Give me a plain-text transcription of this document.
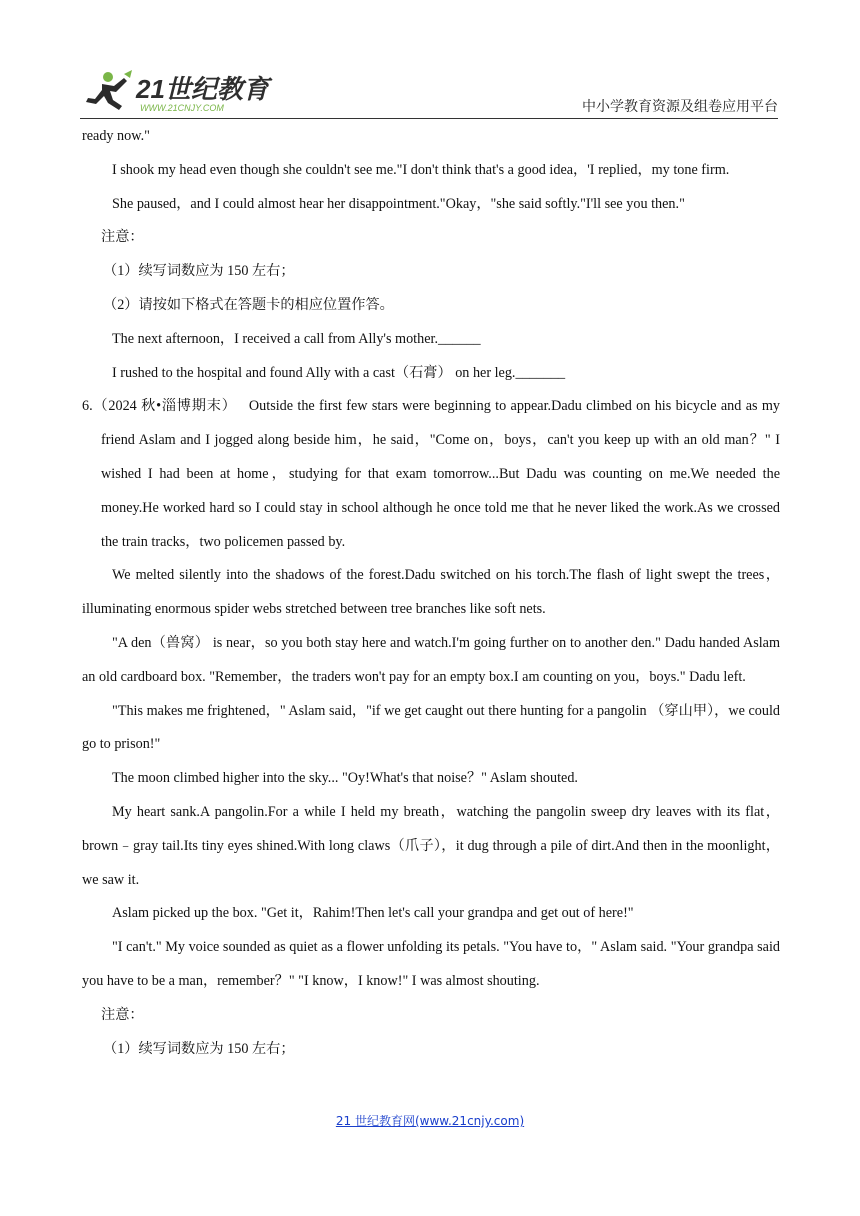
21世纪教育
WWW.21CNJY.COM	中小学教育资源及组卷应用平台

ready now."

I shook my head even though she couldn't see me."I don't think that's a good idea，'I replied，my tone firm.

She paused，and I could almost hear her disappointment."Okay，"she said softly."I'll see you then."

注意：

（1）续写词数应为 150 左右；

（2）请按如下格式在答题卡的相应位置作答。

The next afternoon，I received a call from Ally's mother.______

I rushed to the hospital and found Ally with a cast（石膏） on her leg._______

6.（2024 秋•淄博期末）　 Outside the first few stars were beginning to appear.Dadu climbed on his bicycle and as my friend Aslam and I jogged along beside him，he said，"Come on，boys，can't you keep up with an old man？" I wished I had been at home，studying for that exam tomorrow...But Dadu was counting on me.We needed the money.He worked hard so I could stay in school although he once told me that he never liked the work.As we crossed the train tracks，two policemen passed by.

We melted silently into the shadows of the forest.Dadu switched on his torch.The flash of light swept the trees，illuminating enormous spider webs stretched between tree branches like soft nets.

"A den（兽窝） is near，so you both stay here and watch.I'm going further on to another den." Dadu handed Aslam an old cardboard box. "Remember，the traders won't pay for an empty box.I am counting on you，boys." Dadu left.

"This makes me frightened，" Aslam said，"if we get caught out there hunting for a pangolin （穿山甲），we could go to prison!"

The moon climbed higher into the sky... "Oy!What's that noise？" Aslam shouted.

My heart sank.A pangolin.For a while I held my breath，watching the pangolin sweep dry leaves with its flat，brown﹣gray tail.Its tiny eyes shined.With long claws（爪子），it dug through a pile of dirt.And then in the moonlight，we saw it.

Aslam picked up the box. "Get it，Rahim!Then let's call your grandpa and get out of here!"

"I can't." My voice sounded as quiet as a flower unfolding its petals. "You have to，" Aslam said. "Your grandpa said you have to be a man，remember？" "I know，I know!" I was almost shouting.

注意：

（1）续写词数应为 150 左右；

21 世纪教育网(www.21cnjy.com)
